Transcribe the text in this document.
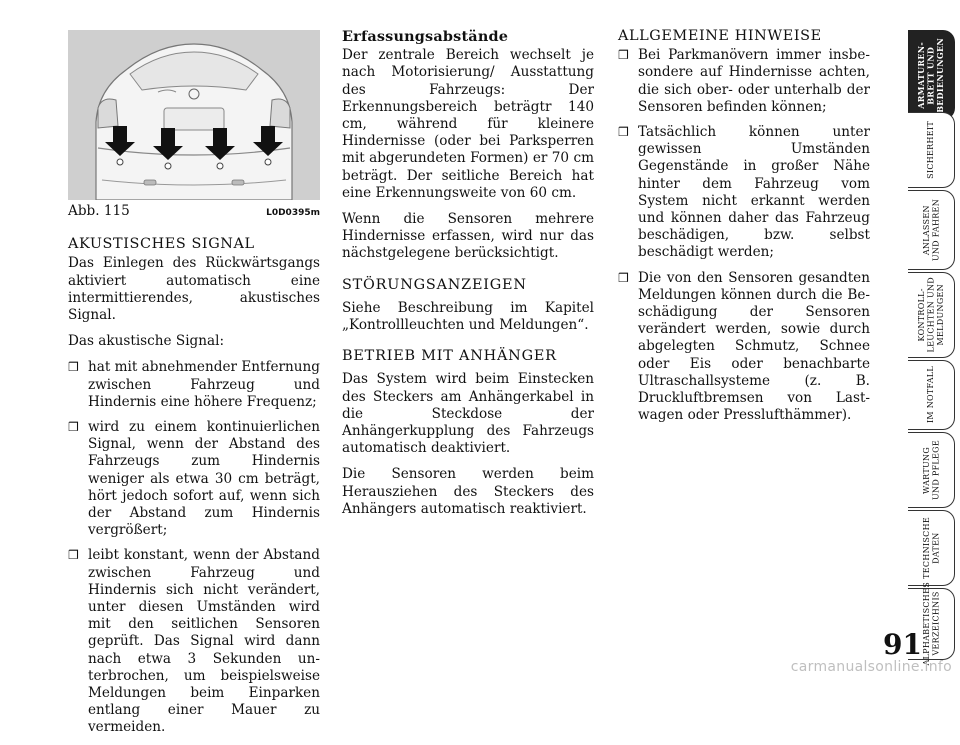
Abb. 115	L0D0395m
AKUSTISCHES SIGNAL

Das Einlegen des Rückwärtsgangs aktiviert automatisch eine intermittierendes, akustisches Signal.

Das akustische Signal:

❒ hat mit abnehmender Entfernung zwischen Fahrzeug und Hindernis eine höhere Frequenz;
❒ wird zu einem kontinuierlichen Signal, wenn der Abstand des Fahrzeugs zum Hindernis weniger als etwa 30 cm beträgt, hört jedoch sofort auf, wenn sich der Abstand zum Hindernis vergrößert;
❒ leibt konstant, wenn der Abstand zwischen Fahrzeug und Hindernis sich nicht verändert, unter diesen Umständen wird mit den seitlichen Sensoren geprüft. Das Signal wird dann nach etwa 3 Sekunden unterbrochen, um beispielsweise Meldungen beim Einparken entlang einer Mauer zu vermeiden.
Erfassungsabstände

Der zentrale Bereich wechselt je nach Motorisierung/ Ausstattung des Fahrzeugs: Der Erkennungsbereich beträgtr 140 cm, während für kleinere Hindernisse (oder bei Parksperren mit abgerundeten Formen) er 70 cm beträgt. Der seitliche Bereich hat eine Erkennungsweite von 60 cm.

Wenn die Sensoren mehrere Hindernisse erfassen, wird nur das nächstgelegene berücksichtigt.

STÖRUNGSANZEIGEN

Siehe Beschreibung im Kapitel „Kontrollleuchten und Meldungen“.

BETRIEB MIT ANHÄNGER

Das System wird beim Einstecken des Steckers am Anhängerkabel in die Steckdose der Anhängerkupplung des Fahrzeugs automatisch deaktiviert.

Die Sensoren werden beim Herausziehen des Steckers des Anhängers automatisch reaktiviert.

ALLGEMEINE HINWEISE
❒ Bei Parkmanövern immer insbesondere auf Hindernisse achten, die sich ober- oder unterhalb der Sensoren befinden können;
❒ Tatsächlich können unter gewissen Umständen Gegenstände in großer Nähe hinter dem Fahrzeug vom System nicht erkannt werden und können daher das Fahrzeug beschädigen, bzw. selbst beschädigt werden;
❒ Die von den Sensoren gesandten Meldungen können durch die Beschädigung der Sensoren verändert werden, sowie durch abgelegten Schmutz, Schnee oder Eis oder benachbarte Ultraschallsysteme (z. B. Druckluftbremsen von Lastwagen oder Presslufthämmer).
ARMATUREN-
BRETT UND
BEDIENUNGEN
SICHERHEIT
ANLASSEN
UND FAHREN
KONTROLL-
LEUCHTEN UND
MELDUNGEN
IM NOTFALL
WARTUNG
UND PFLEGE
TECHNISCHE
DATEN
ALPHABETISCHES
VERZEICHNIS
91
carmanualsonline.info
